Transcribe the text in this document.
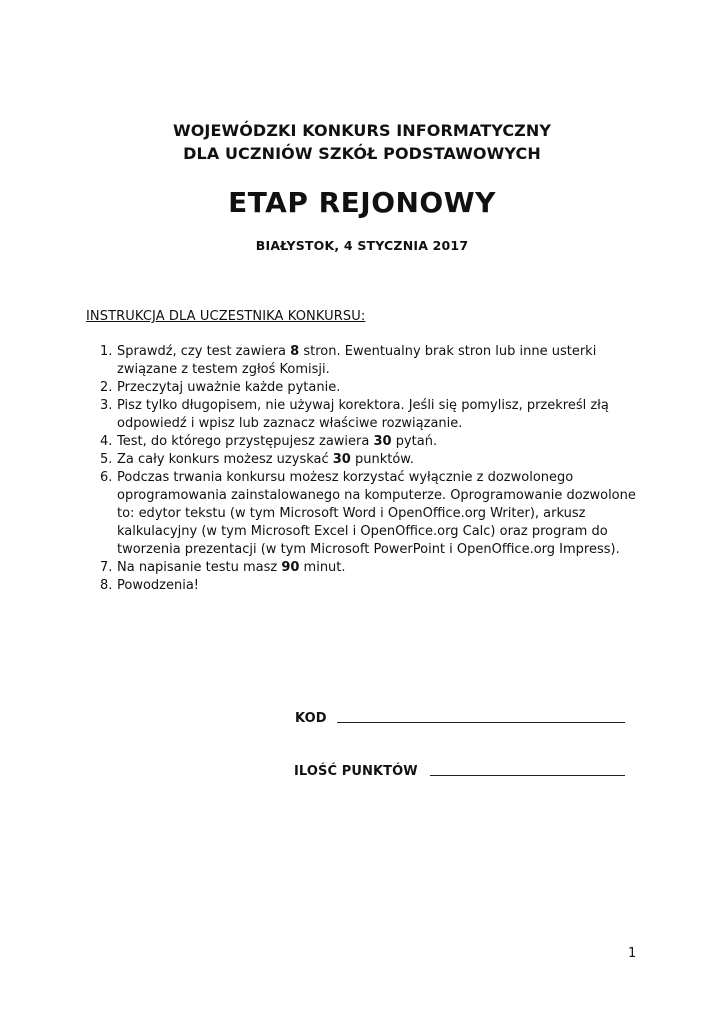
WOJEWÓDZKI KONKURS INFORMATYCZNY
DLA UCZNIÓW SZKÓŁ PODSTAWOWYCH
ETAP REJONOWY
BIAŁYSTOK, 4 STYCZNIA 2017
INSTRUKCJA DLA UCZESTNIKA KONKURSU:
1. Sprawdź, czy test zawiera 8 stron. Ewentualny brak stron lub inne usterki
związane z testem zgłoś Komisji.
2. Przeczytaj uważnie każde pytanie.
3. Pisz tylko długopisem, nie używaj korektora. Jeśli się pomylisz, przekreśl złą
odpowiedź i wpisz lub zaznacz właściwe rozwiązanie.
4. Test, do którego przystępujesz zawiera 30 pytań.
5. Za cały konkurs możesz uzyskać 30 punktów.
6. Podczas trwania konkursu możesz korzystać wyłącznie z dozwolonego
oprogramowania zainstalowanego na komputerze. Oprogramowanie dozwolone
to: edytor tekstu (w tym Microsoft Word i OpenOffice.org Writer), arkusz
kalkulacyjny (w tym Microsoft Excel i OpenOffice.org Calc) oraz program do
tworzenia prezentacji (w tym Microsoft PowerPoint i OpenOffice.org Impress).
7. Na napisanie testu masz 90 minut.
8. Powodzenia!
KOD
ILOŚĆ PUNKTÓW
1
